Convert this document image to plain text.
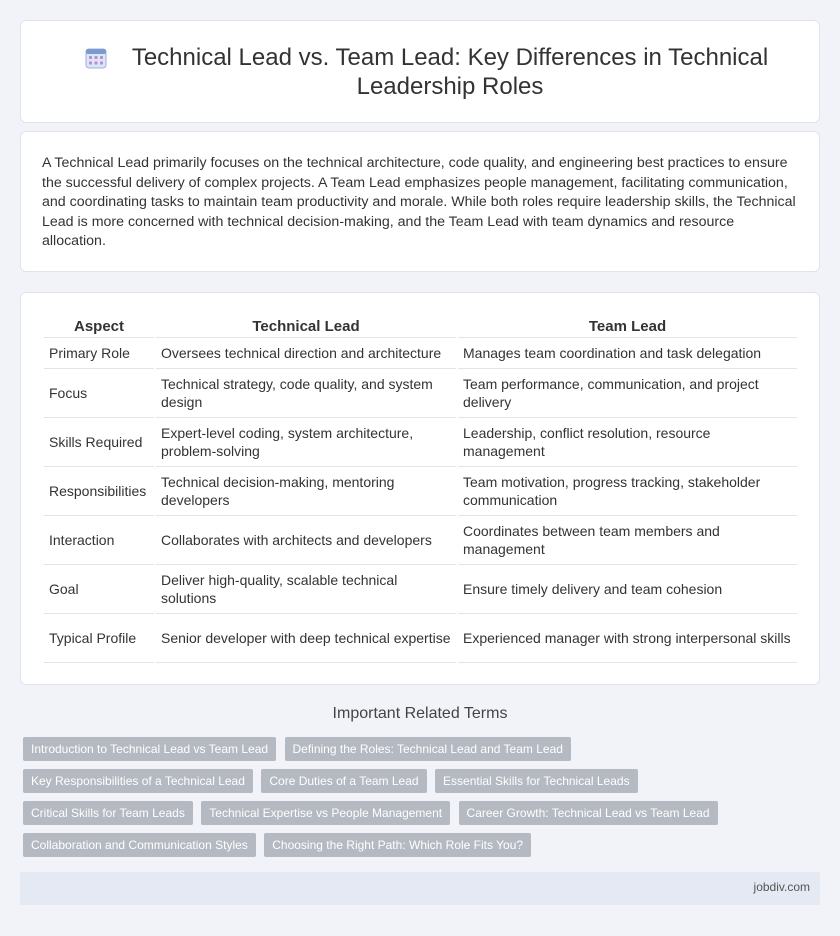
Technical Lead vs. Team Lead: Key Differences in Technical Leadership Roles

A Technical Lead primarily focuses on the technical architecture, code quality, and engineering best practices to ensure the successful delivery of complex projects. A Team Lead emphasizes people management, facilitating communication, and coordinating tasks to maintain team productivity and morale. While both roles require leadership skills, the Technical Lead is more concerned with technical decision-making, and the Team Lead with team dynamics and resource allocation.

Aspect	Technical Lead	Team Lead
Primary Role	Oversees technical direction and architecture	Manages team coordination and task delegation
Focus	Technical strategy, code quality, and system design	Team performance, communication, and project delivery
Skills Required	Expert-level coding, system architecture, problem-solving	Leadership, conflict resolution, resource management
Responsibilities	Technical decision-making, mentoring developers	Team motivation, progress tracking, stakeholder communication
Interaction	Collaborates with architects and developers	Coordinates between team members and management
Goal	Deliver high-quality, scalable technical solutions	Ensure timely delivery and team cohesion
Typical Profile	Senior developer with deep technical expertise	Experienced manager with strong interpersonal skills
Important Related Terms
Introduction to Technical Lead vs Team Lead Defining the Roles: Technical Lead and Team Lead Key Responsibilities of a Technical Lead Core Duties of a Team Lead Essential Skills for Technical Leads Critical Skills for Team Leads Technical Expertise vs People Management Career Growth: Technical Lead vs Team Lead Collaboration and Communication Styles Choosing the Right Path: Which Role Fits You?
jobdiv.com
